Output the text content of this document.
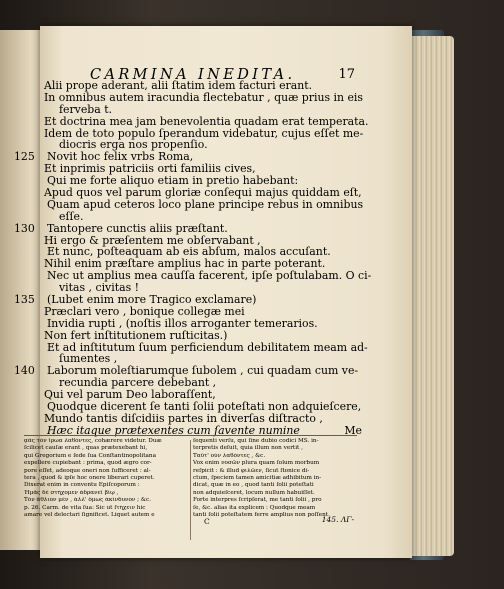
CARMINA INEDITA.	17
Alii prope aderant, alii ſtatim idem facturi erant.
In omnibus autem iracundia flectebatur , quæ prius in eis
ferveba t.
Et doctrina mea jam benevolentia quadam erat temperata.
Idem de toto populo ſperandum videbatur, cujus eſſet me-
diocris erga nos propenſio.
125	Novit hoc felix vrbs Roma,
Et inprimis patriciis orti familiis cives,
Qui me forte aliquo etiam in pretio habebant:
Apud quos vel parum gloriæ conſequi majus quiddam eſt,
Quam apud ceteros loco plane principe rebus in omnibus
eſſe.
130	Tantopere cunctis aliis præſtant.
Hi ergo & præſentem me obſervabant ,
Et nunc, poſteaquam ab eis abſum, malos accuſant.
Nihil enim præſtare amplius hac in parte poterant.
Nec ut amplius mea cauſſa facerent, ipſe poſtulabam. O ci-
vitas , civitas !
135	(Lubet enim more Tragico exclamare)
Præclari vero , bonique collegæ mei
Invidia rupti , (noſtis illos arroganter temerarios.
Non fert inſtitutionem ruſticitas.)
Et ad inſtitutum ſuum perficiendum debilitatem meam ad-
ſumentes ,
140	Laborum moleſtiarumque ſubolem , cui quadam cum ve-
recundia parcere debebant ,
Qui vel parum Deo laboraſſent,
Quodque dicerent ſe tanti ſolii poteſtati non adquieſcere,
Mundo tantis diſcidiis partes in diverſas diſtracto ,
Hæc itaque prætexentes cum ſavente numine	Me
ᾳᾶς τὸν ἴρωα λαϐόντες, cohærere videtur. Duæ
ſcilicet cauſæ erant , quas prætexebant hi,
qui Gregorium e ſede ſua Conſtantinopolitana
expellere cupiebant : prima, quod ægro cor-
pore eſſet, adeoque oneri non ſufficeret : al-
tera , quod & ipſe hoc onere liberari cuperet.
Dixerat enim in conventu Epiſcoporum :
Ἡμᾶς δὲ στήχομεν ἀδρανεῖ βίῳ ,
Τὸν ἄθλιον μὲν , ἀλλ' ὅμως ἀκίνδυνον ; &c.
p. 26. Carm. de vita ſua: Sic ut ſτήχειν hic
amare vel delectari ſignificet. Liquet autem e
ſequenti verſu, qui ſine dubio codici MS. in-
terpretis deſuit, quia illum non vertit ,
Ταῦτ' οὖν λαϐόντες , &c.
Vox enim νοσῶν plura quam ſolum morbum
reſpicit : & illud φιλῶεν, ſicut ſtonice di-
ctum, ſpeciem tamen amicitiæ adhibitum in-
dicat, quæ in eo , quod tanti ſolii poteſtati
non adquieſceret, locum nullum habuiſſet.
Forte interpres ſcripſerat, me tanti ſolii , pro
ſe, &c. alias ita explicem : Quodque meam
tanti ſolii poteſtatem ferre amplius non poſſent.
C	145. ΛΓ-
